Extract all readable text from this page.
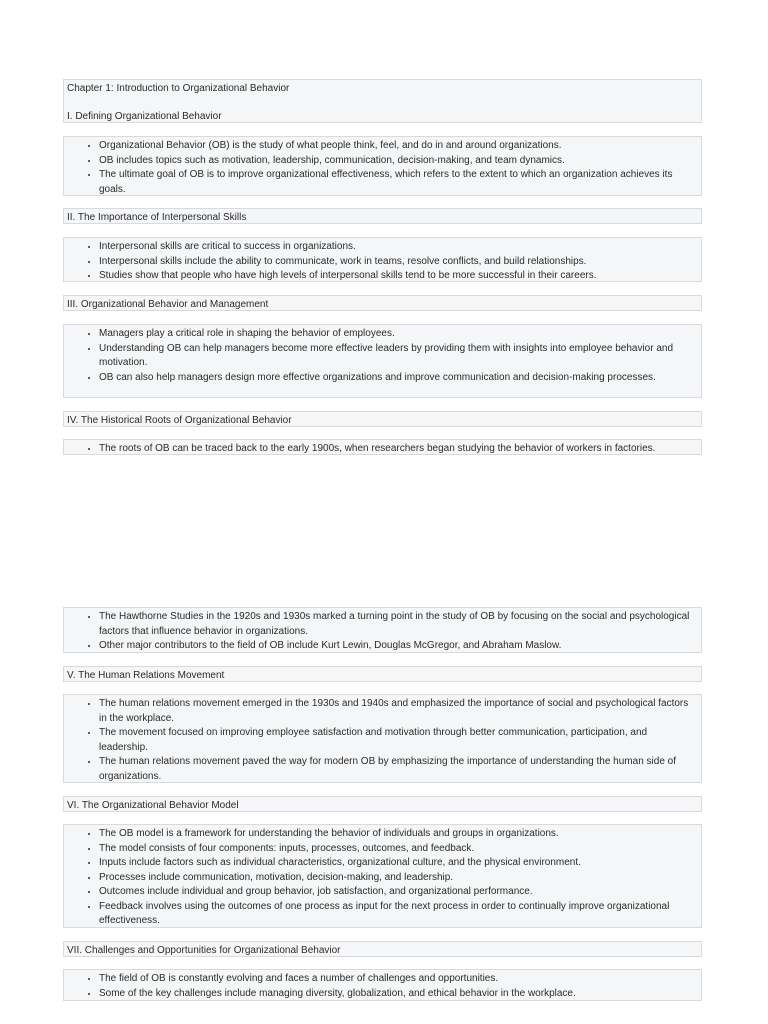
Chapter 1: Introduction to Organizational Behavior
I. Defining Organizational Behavior
• Organizational Behavior (OB) is the study of what people think, feel, and do in and around organizations.
• OB includes topics such as motivation, leadership, communication, decision-making, and team dynamics.
• The ultimate goal of OB is to improve organizational effectiveness, which refers to the extent to which an organization achieves its goals.
II. The Importance of Interpersonal Skills
• Interpersonal skills are critical to success in organizations.
• Interpersonal skills include the ability to communicate, work in teams, resolve conflicts, and build relationships.
• Studies show that people who have high levels of interpersonal skills tend to be more successful in their careers.
III. Organizational Behavior and Management
• Managers play a critical role in shaping the behavior of employees.
• Understanding OB can help managers become more effective leaders by providing them with insights into employee behavior and motivation.
• OB can also help managers design more effective organizations and improve communication and decision-making processes.
IV. The Historical Roots of Organizational Behavior
• The roots of OB can be traced back to the early 1900s, when researchers began studying the behavior of workers in factories.
• The Hawthorne Studies in the 1920s and 1930s marked a turning point in the study of OB by focusing on the social and psychological factors that influence behavior in organizations.
• Other major contributors to the field of OB include Kurt Lewin, Douglas McGregor, and Abraham Maslow.
V. The Human Relations Movement
• The human relations movement emerged in the 1930s and 1940s and emphasized the importance of social and psychological factors in the workplace.
• The movement focused on improving employee satisfaction and motivation through better communication, participation, and leadership.
• The human relations movement paved the way for modern OB by emphasizing the importance of understanding the human side of organizations.
VI. The Organizational Behavior Model
• The OB model is a framework for understanding the behavior of individuals and groups in organizations.
• The model consists of four components: inputs, processes, outcomes, and feedback.
• Inputs include factors such as individual characteristics, organizational culture, and the physical environment.
• Processes include communication, motivation, decision-making, and leadership.
• Outcomes include individual and group behavior, job satisfaction, and organizational performance.
• Feedback involves using the outcomes of one process as input for the next process in order to continually improve organizational effectiveness.
VII. Challenges and Opportunities for Organizational Behavior
• The field of OB is constantly evolving and faces a number of challenges and opportunities.
• Some of the key challenges include managing diversity, globalization, and ethical behavior in the workplace.
